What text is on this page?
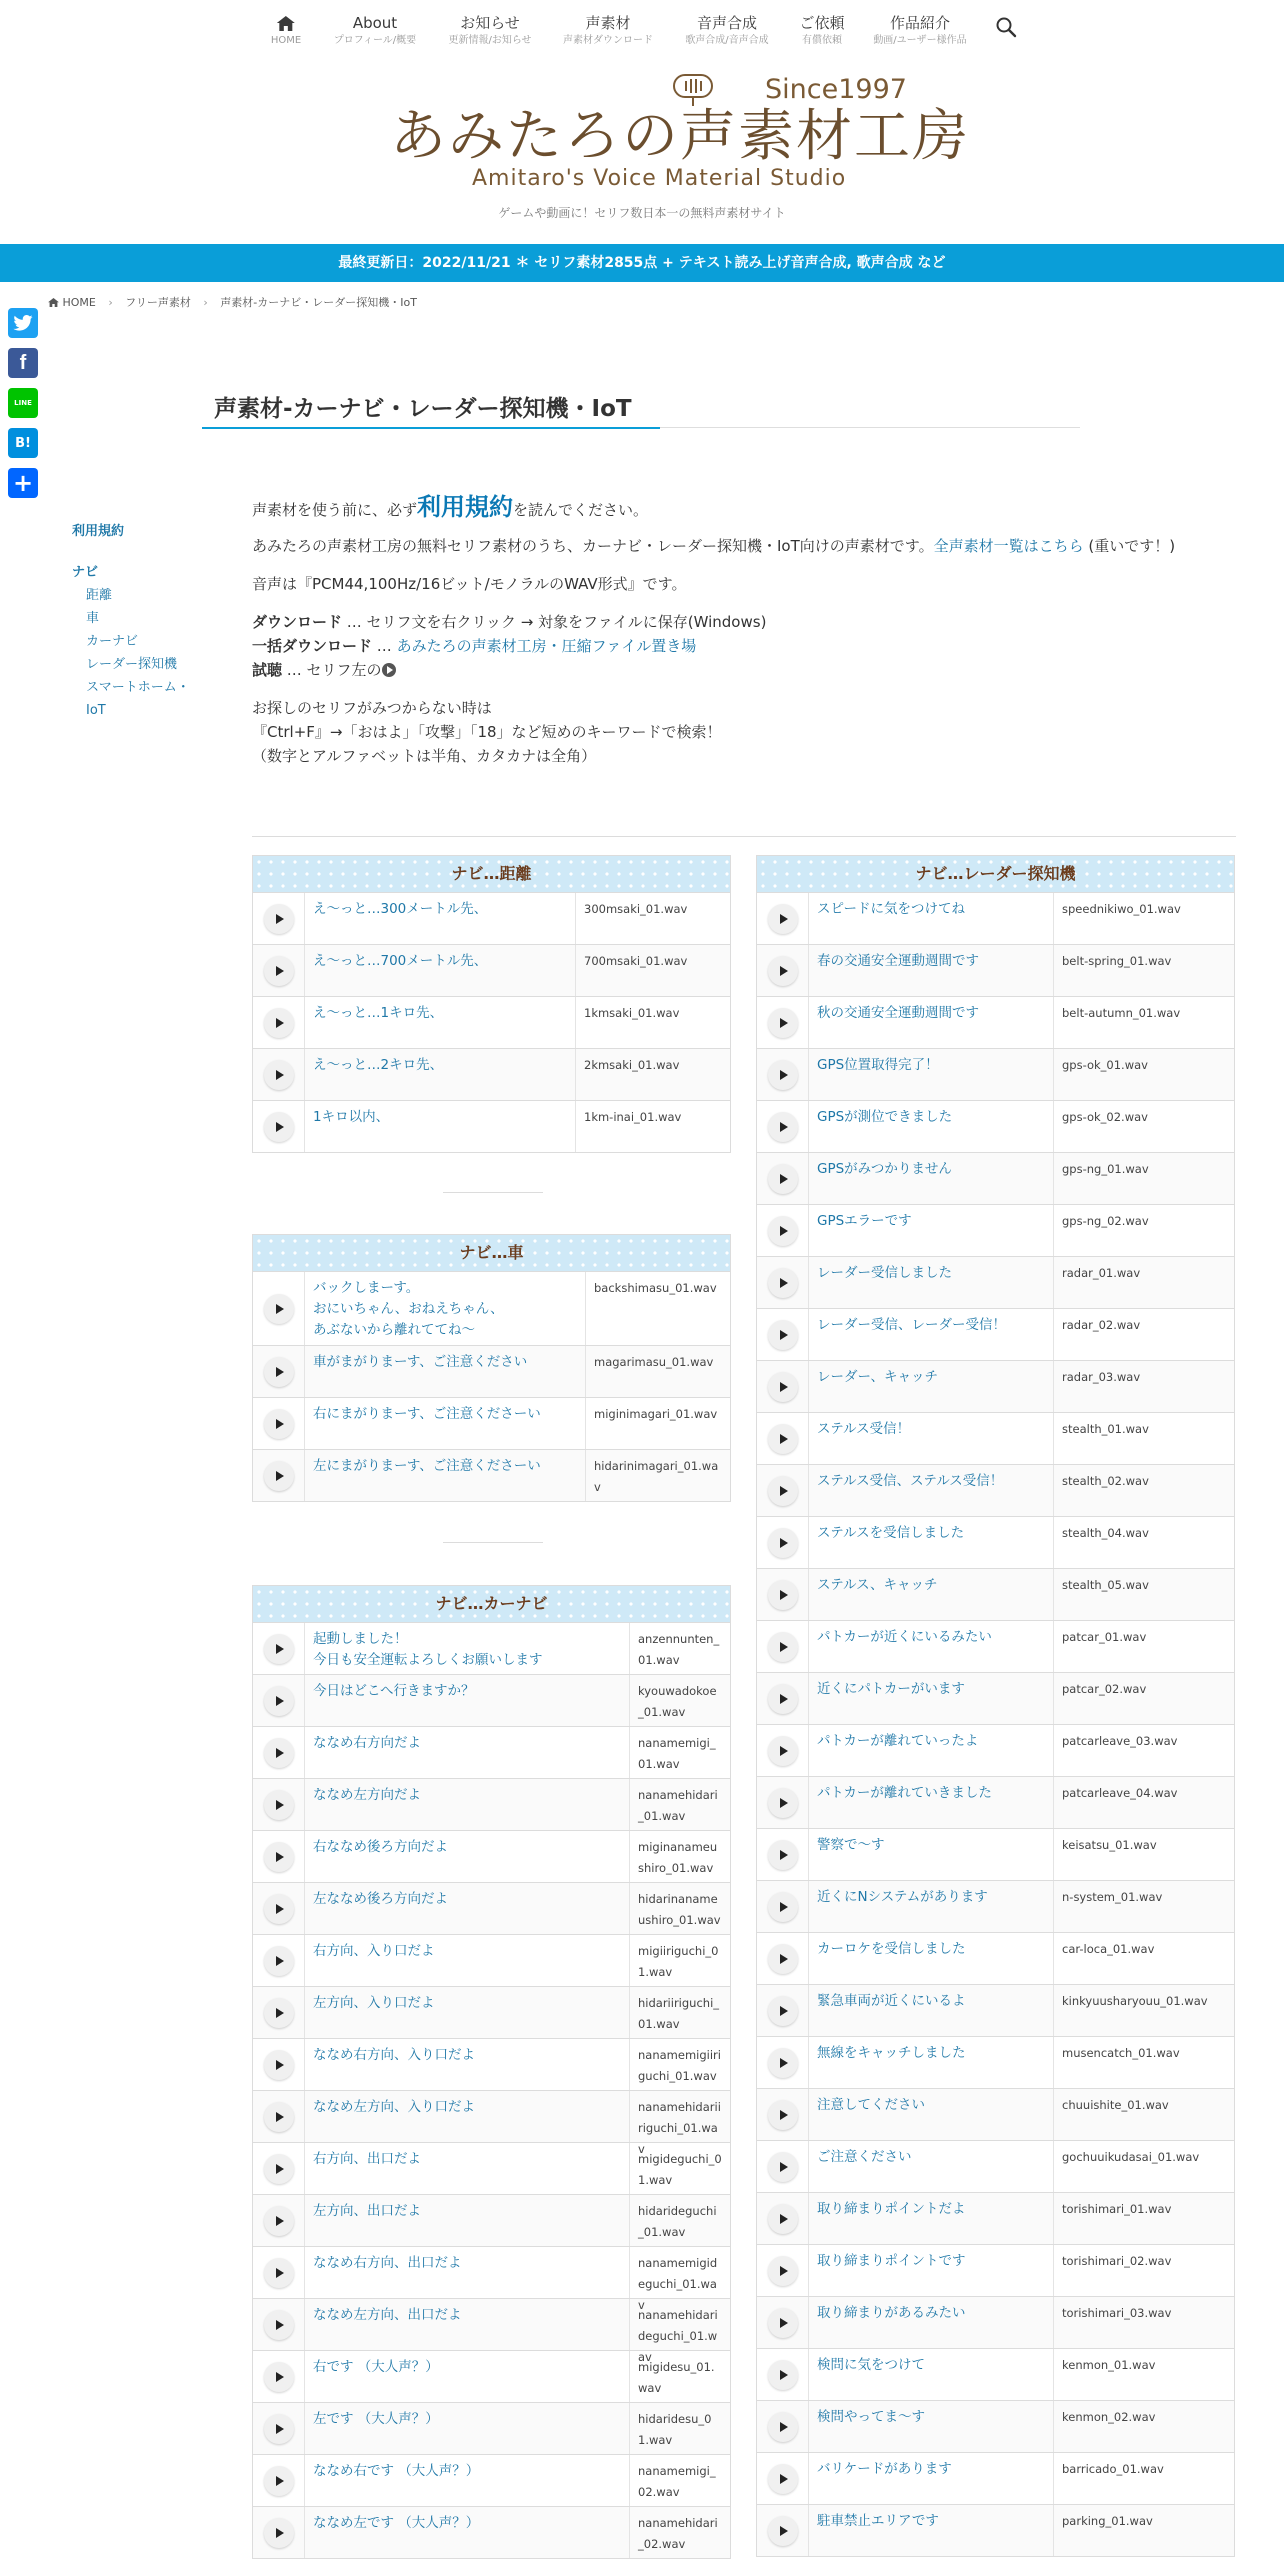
HOME
About
プロフィール/概要
お知らせ
更新情報/お知らせ
声素材
声素材ダウンロード
音声合成
歌声合成/音声合成
ご依頼
有償依頼
作品紹介
動画/ユーザー様作品
Since1997
あみたろの声素材工房
Amitaro's Voice Material Studio
ゲームや動画に！セリフ数日本一の無料声素材サイト
最終更新日：2022/11/21 ＊ セリフ素材2855点 + テキスト読み上げ音声合成, 歌声合成 など
HOME › フリー声素材 › 声素材-カーナビ・レーダー探知機・IoT
f
LINE
B!
+
声素材-カーナビ・レーダー探知機・IoT
利用規約
ナビ
距離
車
カーナビ
レーダー探知機
スマートホーム・IoT

声素材を使う前に、必ず利用規約を読んでください。

あみたろの声素材工房の無料セリフ素材のうち、カーナビ・レーダー探知機・IoT向けの声素材です。全声素材一覧はこちら (重いです！)

音声は『PCM44,100Hz/16ビット/モノラルのWAV形式』です。

ダウンロード … セリフ文を右クリック → 対象をファイルに保存(Windows)

一括ダウンロード … あみたろの声素材工房・圧縮ファイル置き場

試聴 … セリフ左の

お探しのセリフがみつからない時は

『Ctrl+F』→「おはよ」「攻撃」「18」など短めのキーワードで検索！

（数字とアルファベットは半角、カタカナは全角）

ナビ…距離
え～っと…300メートル先、	300msaki_01.wav
え～っと…700メートル先、	700msaki_01.wav
え～っと…1キロ先、	1kmsaki_01.wav
え～っと…2キロ先、	2kmsaki_01.wav
1キロ以内、	1km-inai_01.wav
ナビ…車
バックしまーす。
おにいちゃん、おねえちゃん、
あぶないから離れててね～
backshimasu_01.wav
車がまがりまーす、ご注意ください	magarimasu_01.wav
右にまがりまーす、ご注意くださーい	miginimagari_01.wav
左にまがりまーす、ご注意くださーい	hidarinimagari_01.wav
ナビ…カーナビ
起動しました！
今日も安全運転よろしくお願いします
anzennunten_01.wav
今日はどこへ行きますか？	kyouwadokoe_01.wav
ななめ右方向だよ	nanamemigi_01.wav
ななめ左方向だよ	nanamehidari_01.wav
右ななめ後ろ方向だよ	miginanameushiro_01.wav
左ななめ後ろ方向だよ	hidarinanameushiro_01.wav
右方向、入り口だよ	migiiriguchi_01.wav
左方向、入り口だよ	hidariiriguchi_01.wav
ななめ右方向、入り口だよ	nanamemigiiriguchi_01.wav
ななめ左方向、入り口だよ	nanamehidariiriguchi_01.wav
右方向、出口だよ	migideguchi_01.wav
左方向、出口だよ	hidarideguchi_01.wav
ななめ右方向、出口だよ	nanamemigideguchi_01.wav
ななめ左方向、出口だよ	nanamehidarideguchi_01.wav
右です （大人声？）	migidesu_01.wav
左です （大人声？）	hidaridesu_01.wav
ななめ右です （大人声？）	nanamemigi_02.wav
ななめ左です （大人声？）	nanamehidari_02.wav
ナビ…レーダー探知機
スピードに気をつけてね	speednikiwo_01.wav
春の交通安全運動週間です	belt-spring_01.wav
秋の交通安全運動週間です	belt-autumn_01.wav
GPS位置取得完了！	gps-ok_01.wav
GPSが測位できました	gps-ok_02.wav
GPSがみつかりません	gps-ng_01.wav
GPSエラーです	gps-ng_02.wav
レーダー受信しました	radar_01.wav
レーダー受信、レーダー受信！	radar_02.wav
レーダー、キャッチ	radar_03.wav
ステルス受信！	stealth_01.wav
ステルス受信、ステルス受信！	stealth_02.wav
ステルスを受信しました	stealth_04.wav
ステルス、キャッチ	stealth_05.wav
パトカーが近くにいるみたい	patcar_01.wav
近くにパトカーがいます	patcar_02.wav
パトカーが離れていったよ	patcarleave_03.wav
パトカーが離れていきました	patcarleave_04.wav
警察で～す	keisatsu_01.wav
近くにNシステムがあります	n-system_01.wav
カーロケを受信しました	car-loca_01.wav
緊急車両が近くにいるよ	kinkyuusharyouu_01.wav
無線をキャッチしました	musencatch_01.wav
注意してください	chuuishite_01.wav
ご注意ください	gochuuikudasai_01.wav
取り締まりポイントだよ	torishimari_01.wav
取り締まりポイントです	torishimari_02.wav
取り締まりがあるみたい	torishimari_03.wav
検問に気をつけて	kenmon_01.wav
検問やってま～す	kenmon_02.wav
バリケードがあります	barricado_01.wav
駐車禁止エリアです	parking_01.wav
